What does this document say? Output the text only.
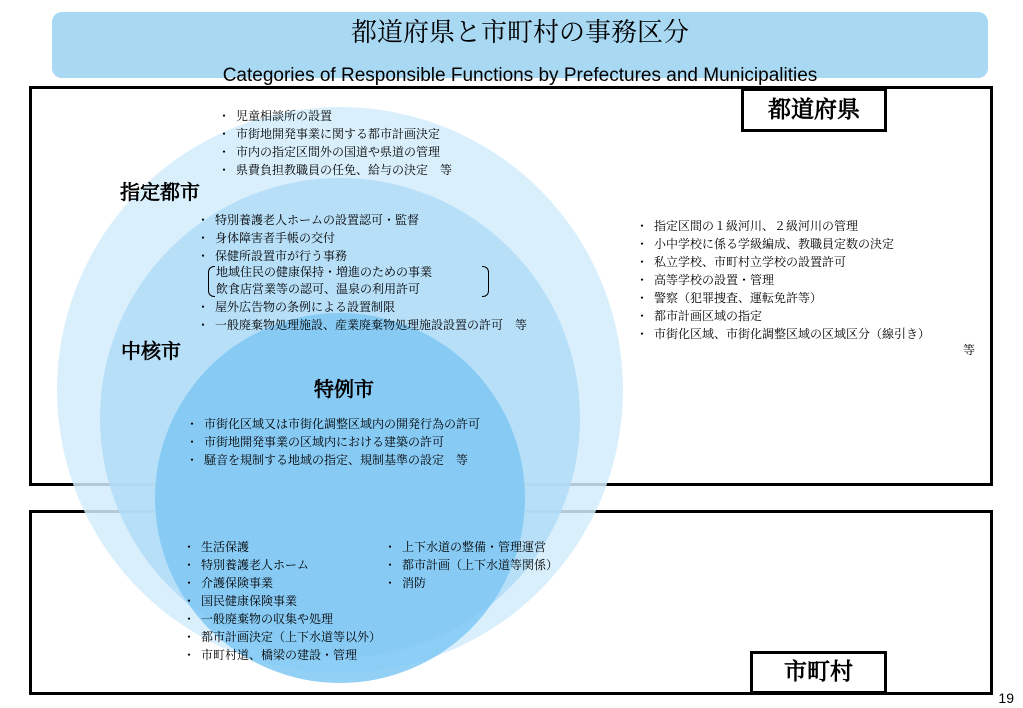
都道府県と市町村の事務区分
Categories of Responsible Functions by Prefectures and Municipalities
都道府県
市町村
・ 児童相談所の設置
・ 市街地開発事業に関する都市計画決定
・ 市内の指定区間外の国道や県道の管理
・ 県費負担教職員の任免、給与の決定　等
指定都市
・ 特別養護老人ホームの設置認可・監督
・ 身体障害者手帳の交付
・ 保健所設置市が行う事務
地域住民の健康保持・増進のための事業
飲食店営業等の認可、温泉の利用許可
・ 屋外広告物の条例による設置制限
・ 一般廃棄物処理施設、産業廃棄物処理施設設置の許可　等
中核市
特例市
・ 市街化区域又は市街化調整区域内の開発行為の許可
・ 市街地開発事業の区域内における建築の許可
・ 騒音を規制する地域の指定、規制基準の設定　等
・ 指定区間の１級河川、２級河川の管理
・ 小中学校に係る学級編成、教職員定数の決定
・ 私立学校、市町村立学校の設置許可
・ 高等学校の設置・管理
・ 警察（犯罪捜査、運転免許等）
・ 都市計画区域の指定
・ 市街化区域、市街化調整区域の区域区分（線引き）
等
・ 生活保護
・ 特別養護老人ホーム
・ 介護保険事業
・ 国民健康保険事業
・ 一般廃棄物の収集や処理
・ 都市計画決定（上下水道等以外）
・ 市町村道、橋梁の建設・管理
・ 上下水道の整備・管理運営
・ 都市計画（上下水道等関係）
・ 消防
19
